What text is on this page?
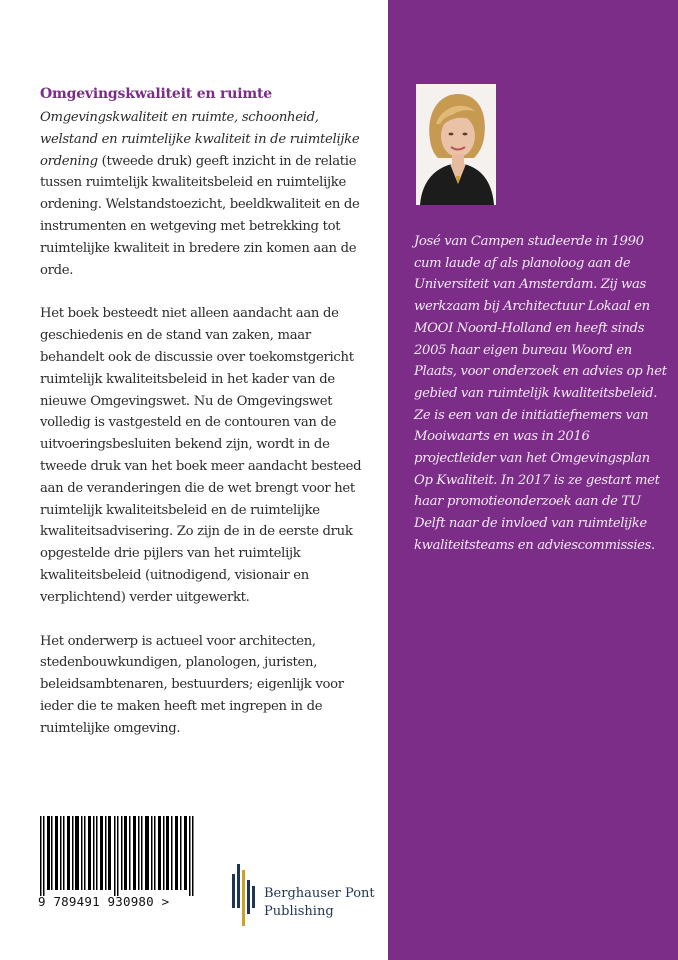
Omgevingskwaliteit en ruimte

Omgevingskwaliteit en ruimte, schoonheid, welstand en ruimtelijke kwaliteit in de ruimtelijke ordening (tweede druk) geeft inzicht in de relatie tussen ruimtelijk kwaliteitsbeleid en ruimtelijke ordening. Welstandstoezicht, beeldkwaliteit en de instrumenten en wetgeving met betrekking tot ruimtelijke kwaliteit in bredere zin komen aan de orde.

Het boek besteedt niet alleen aandacht aan de geschiedenis en de stand van zaken, maar behandelt ook de discussie over toekomstgericht ruimtelijk kwaliteitsbeleid in het kader van de nieuwe Omgevingswet. Nu de Omgevingswet volledig is vastgesteld en de contouren van de uitvoeringsbesluiten bekend zijn, wordt in de tweede druk van het boek meer aandacht besteed aan de veranderingen die de wet brengt voor het ruimtelijk kwaliteitsbeleid en de ruimtelijke kwaliteitsadvisering. Zo zijn de in de eerste druk opgestelde drie pijlers van het ruimtelijk kwaliteitsbeleid (uitnodigend, visionair en verplichtend) verder uitgewerkt.

Het onderwerp is actueel voor architecten, stedenbouwkundigen, planologen, juristen, beleidsambtenaren, bestuurders; eigenlijk voor ieder die te maken heeft met ingrepen in de ruimtelijke omgeving.

9 789491 930980 >
Berghauser Pont
Publishing
José van Campen studeerde in 1990 cum laude af als planoloog aan de Universiteit van Amsterdam. Zij was werkzaam bij Architectuur Lokaal en MOOI Noord-Holland en heeft sinds 2005 haar eigen bureau Woord en Plaats, voor onderzoek en advies op het gebied van ruimtelijk kwaliteitsbeleid. Ze is een van de initiatiefnemers van Mooiwaarts en was in 2016 projectleider van het Omgevingsplan Op Kwaliteit. In 2017 is ze gestart met haar promotieonderzoek aan de TU Delft naar de invloed van ruimtelijke kwaliteitsteams en adviescommissies.
